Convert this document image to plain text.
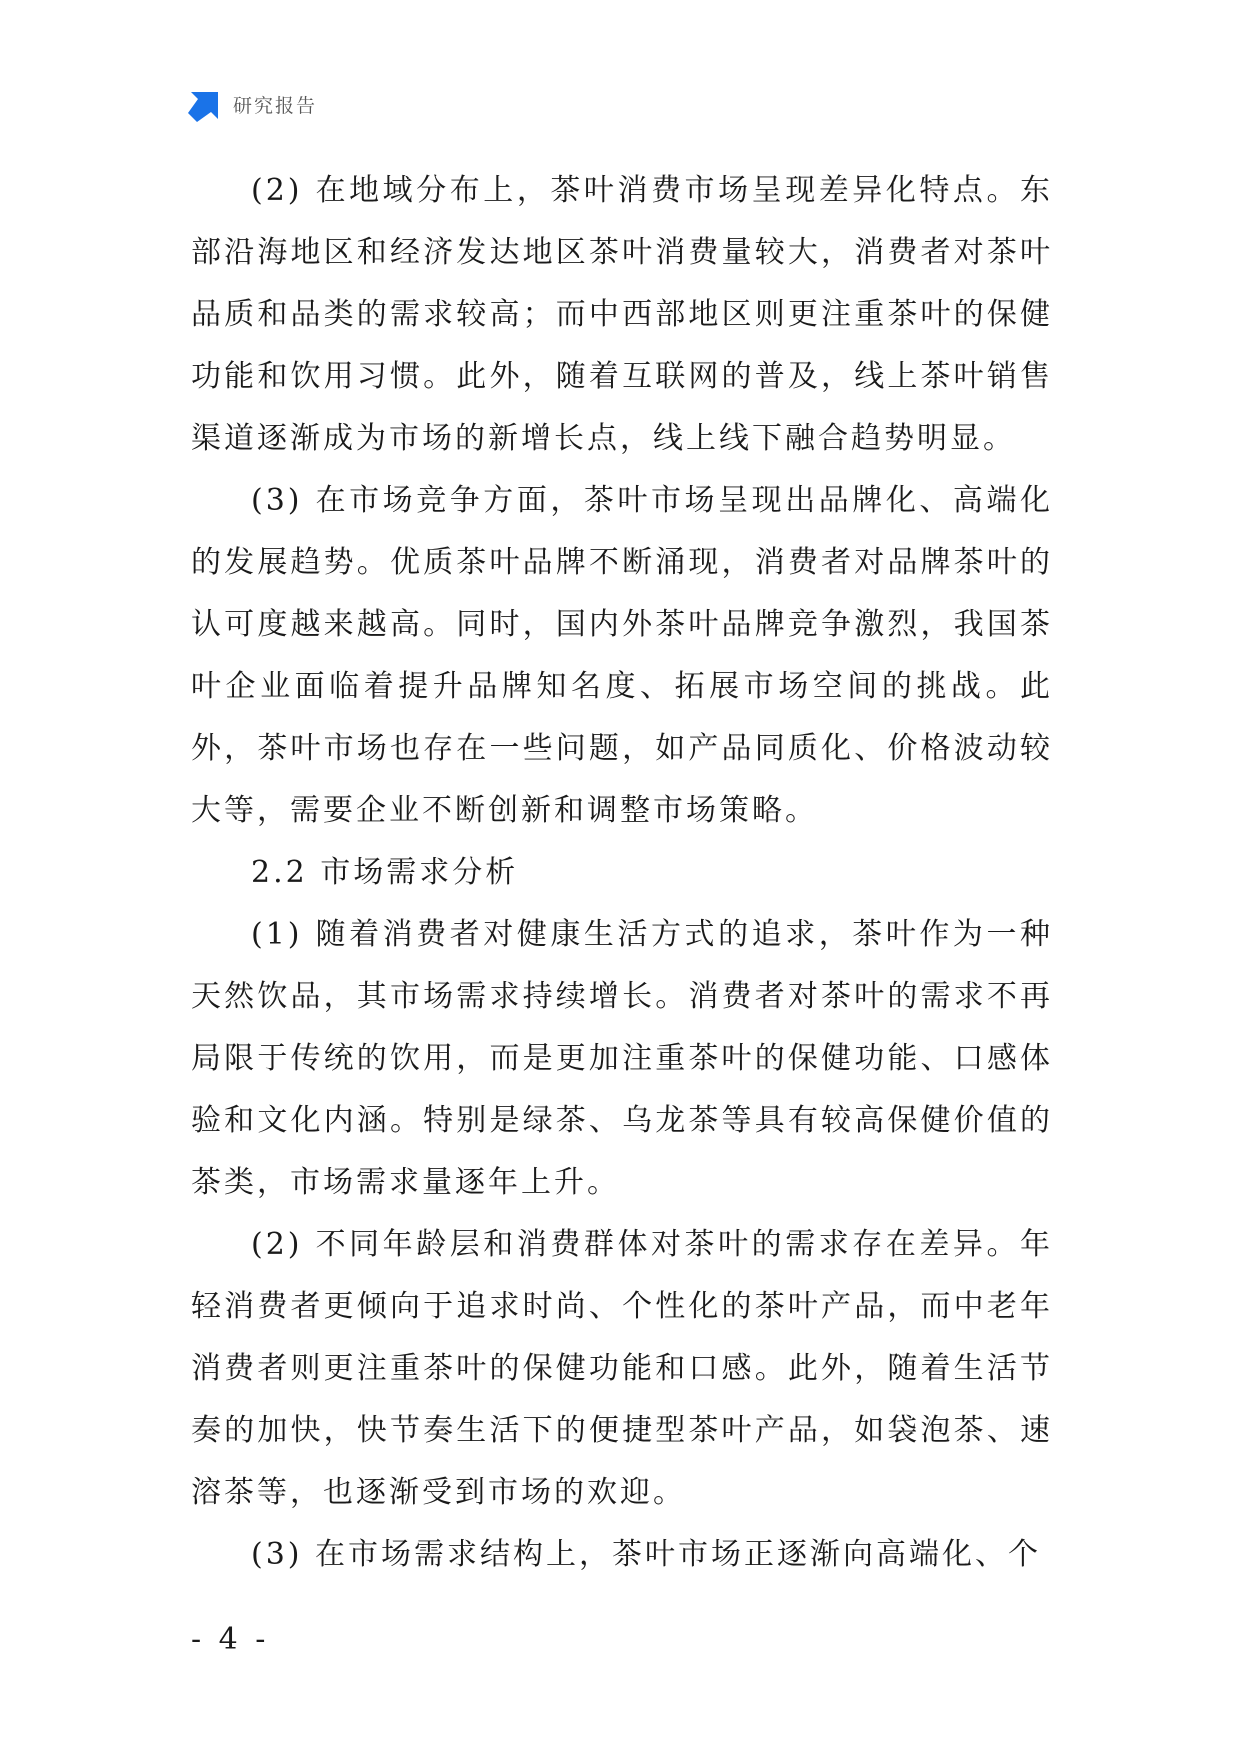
研究报告

(2) 在地域分布上，茶叶消费市场呈现差异化特点。东部沿海地区和经济发达地区茶叶消费量较大，消费者对茶叶品质和品类的需求较高；而中西部地区则更注重茶叶的保健功能和饮用习惯。此外，随着互联网的普及，线上茶叶销售渠道逐渐成为市场的新增长点，线上线下融合趋势明显。

(3) 在市场竞争方面，茶叶市场呈现出品牌化、高端化的发展趋势。优质茶叶品牌不断涌现，消费者对品牌茶叶的认可度越来越高。同时，国内外茶叶品牌竞争激烈，我国茶叶企业面临着提升品牌知名度、拓展市场空间的挑战。此外，茶叶市场也存在一些问题，如产品同质化、价格波动较大等，需要企业不断创新和调整市场策略。

2.2 市场需求分析

(1) 随着消费者对健康生活方式的追求，茶叶作为一种天然饮品，其市场需求持续增长。消费者对茶叶的需求不再局限于传统的饮用，而是更加注重茶叶的保健功能、口感体验和文化内涵。特别是绿茶、乌龙茶等具有较高保健价值的茶类，市场需求量逐年上升。

(2) 不同年龄层和消费群体对茶叶的需求存在差异。年轻消费者更倾向于追求时尚、个性化的茶叶产品，而中老年消费者则更注重茶叶的保健功能和口感。此外，随着生活节奏的加快，快节奏生活下的便捷型茶叶产品，如袋泡茶、速溶茶等，也逐渐受到市场的欢迎。

(3) 在市场需求结构上，茶叶市场正逐渐向高端化、个

- 4 -
